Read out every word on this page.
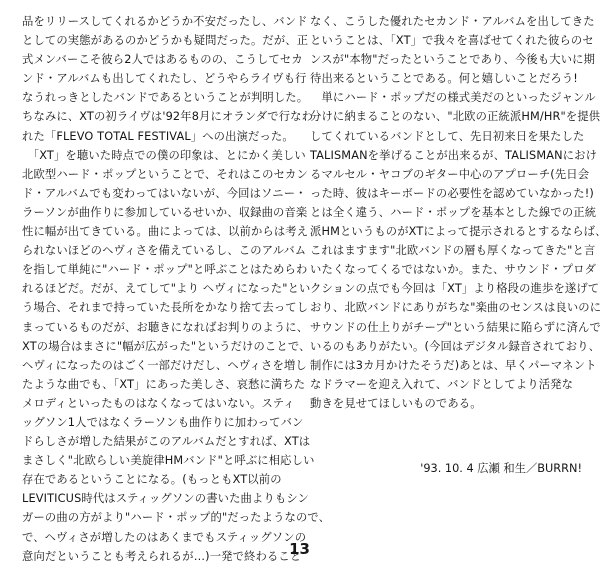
品をリリースしてくれるかどうか不安だったし、バンド
としての実態があるのかどうかも疑問だった。だが、正
式メンバーこそ彼ら2人ではあるものの、こうしてセカ
ンド・アルバムも出してくれたし、どうやらライヴも行
なうれっきとしたバンドであるということが判明した。
ちなみに、XTの初ライヴは'92年8月にオランダで行なわ
れた「FLEVO TOTAL FESTIVAL」への出演だった。
　「XT」を聴いた時点での僕の印象は、とにかく美しい
北欧型ハード・ポップということで、それはこのセカン
ド・アルバムでも変わってはいないが、今回はソニー・
ラーソンが曲作りに参加しているせいか、収録曲の音楽
性に幅が出てきている。曲によっては、以前からは考え
られないほどのヘヴィさを備えているし、このアルバム
を指して単純に"ハード・ポップ"と呼ぶことはためらわ
れるほどだ。だが、えてして"より ヘヴィになった"とい
う場合、それまで持っていた長所をかなり捨て去ってし
まっているものだが、お聴きになればお判りのように、
XTの場合はまさに"幅が広がった"というだけのことで、
ヘヴィになったのはごく一部だけだし、ヘヴィさを増し
たような曲でも、「XT」にあった美しさ、哀愁に満ちた
メロディといったものはなくなってはいない。スティ
ッグソン1人ではなくラーソンも曲作りに加わってバン
ドらしさが増した結果がこのアルバムだとすれば、XTは
まさしく"北欧らしい美旋律HMバンド"と呼ぶに相応しい
存在であるということになる。(もっともXT以前の
LEVITICUS時代はスティッグソンの書いた曲よりもシン
ガーの曲の方がより"ハード・ポップ的"だったようなので、
で、ヘヴィさが増したのはあくまでもスティッグソンの
意向だということも考えられるが…)一発で終わること
なく、こうした優れたセカンド・アルバムを出してきた
ということは、「XT」で我々を喜ばせてくれた彼らのセ
ンスが"本物"だったということであり、今後も大いに期
待出来るということである。何と嬉しいことだろう!
　単にハード・ポップだの様式美だのといったジャンル
分けに納まることのない、"北欧の正統派HM/HR"を提供
してくれているバンドとして、先日初来日を果たした
TALISMANを挙げることが出来るが、TALISMANにおけ
るマルセル・ヤコブのギター中心のアプローチ(先日会
った時、彼はキーボードの必要性を認めていなかった!)
とは全く違う、ハード・ポップを基本とした線での正統
派HMというものがXTによって提示されるとするならば、
これはますます"北欧バンドの層も厚くなってきた"と言
いたくなってくるではないか。また、サウンド・プロダ
クションの点でも今回は「XT」より格段の進歩を遂げて
おり、北欧バンドにありがちな"楽曲のセンスは良いのに
サウンドの仕上りがチープ"という結果に陥らずに済んで
いるのもありがたい。(今回はデジタル録音されており、
制作には3カ月かけたそうだ)あとは、早くパーマネント
なドラマーを迎え入れて、バンドとしてより活発な
動きを見せてほしいものである。

'93. 10. 4 広瀬 和生／BURRN!

13
